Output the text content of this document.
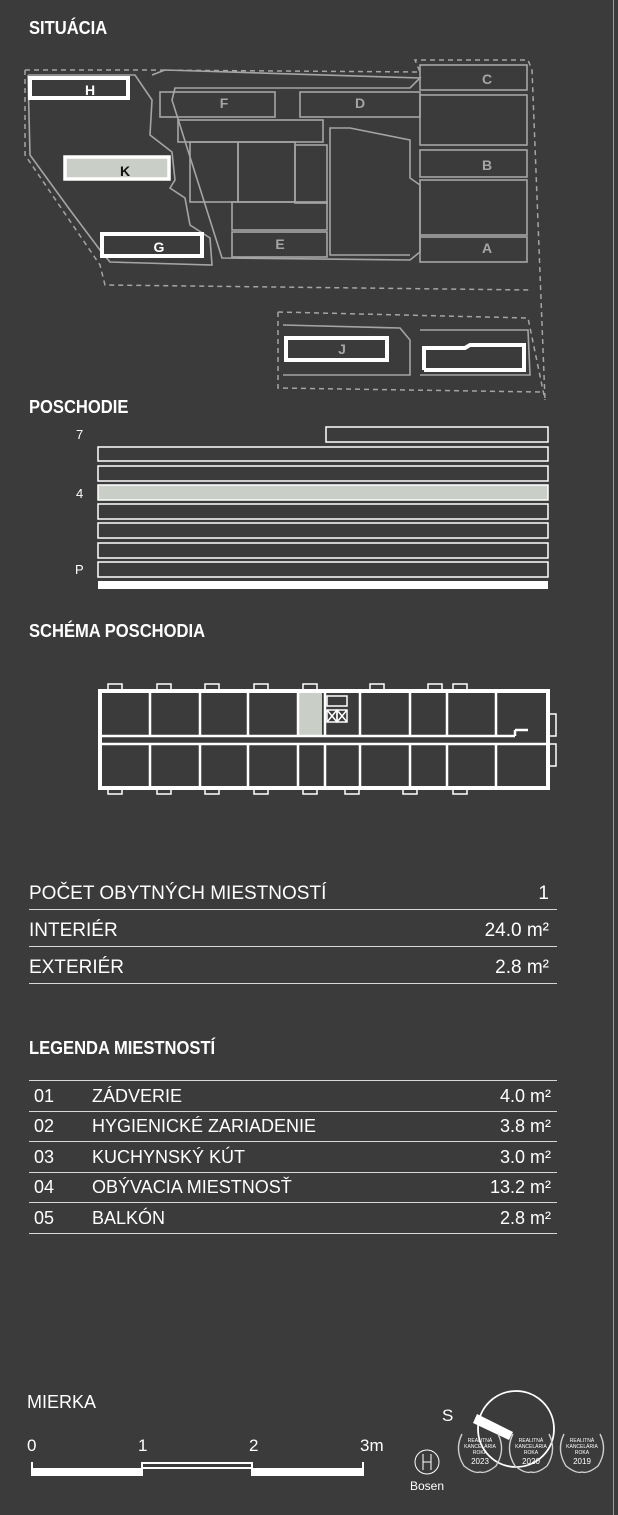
SITUÁCIA
H
K
G
F	D
E
C
B
A
J
POSCHODIE
7
4
P
SCHÉMA POSCHODIA
POČET OBYTNÝCH MIESTNOSTÍ	1
INTERIÉR	24.0 m²
EXTERIÉR	2.8 m²
LEGENDA MIESTNOSTÍ
01 ZÁDVERIE	4.0 m²
02 HYGIENICKÉ ZARIADENIE	3.8 m²
03 KUCHYNSKÝ KÚT	3.0 m²
04 OBÝVACIA MIESTNOSŤ	13.2 m²
05 BALKÓN	2.8 m²
MIERKA
0	1	2	3m
S
Bosen
REALITNÁ
KANCELÁRIA
ROKA
2023
REALITNÁ
KANCELÁRIA
ROKA
2020
REALITNÁ
KANCELÁRIA
ROKA
2019
